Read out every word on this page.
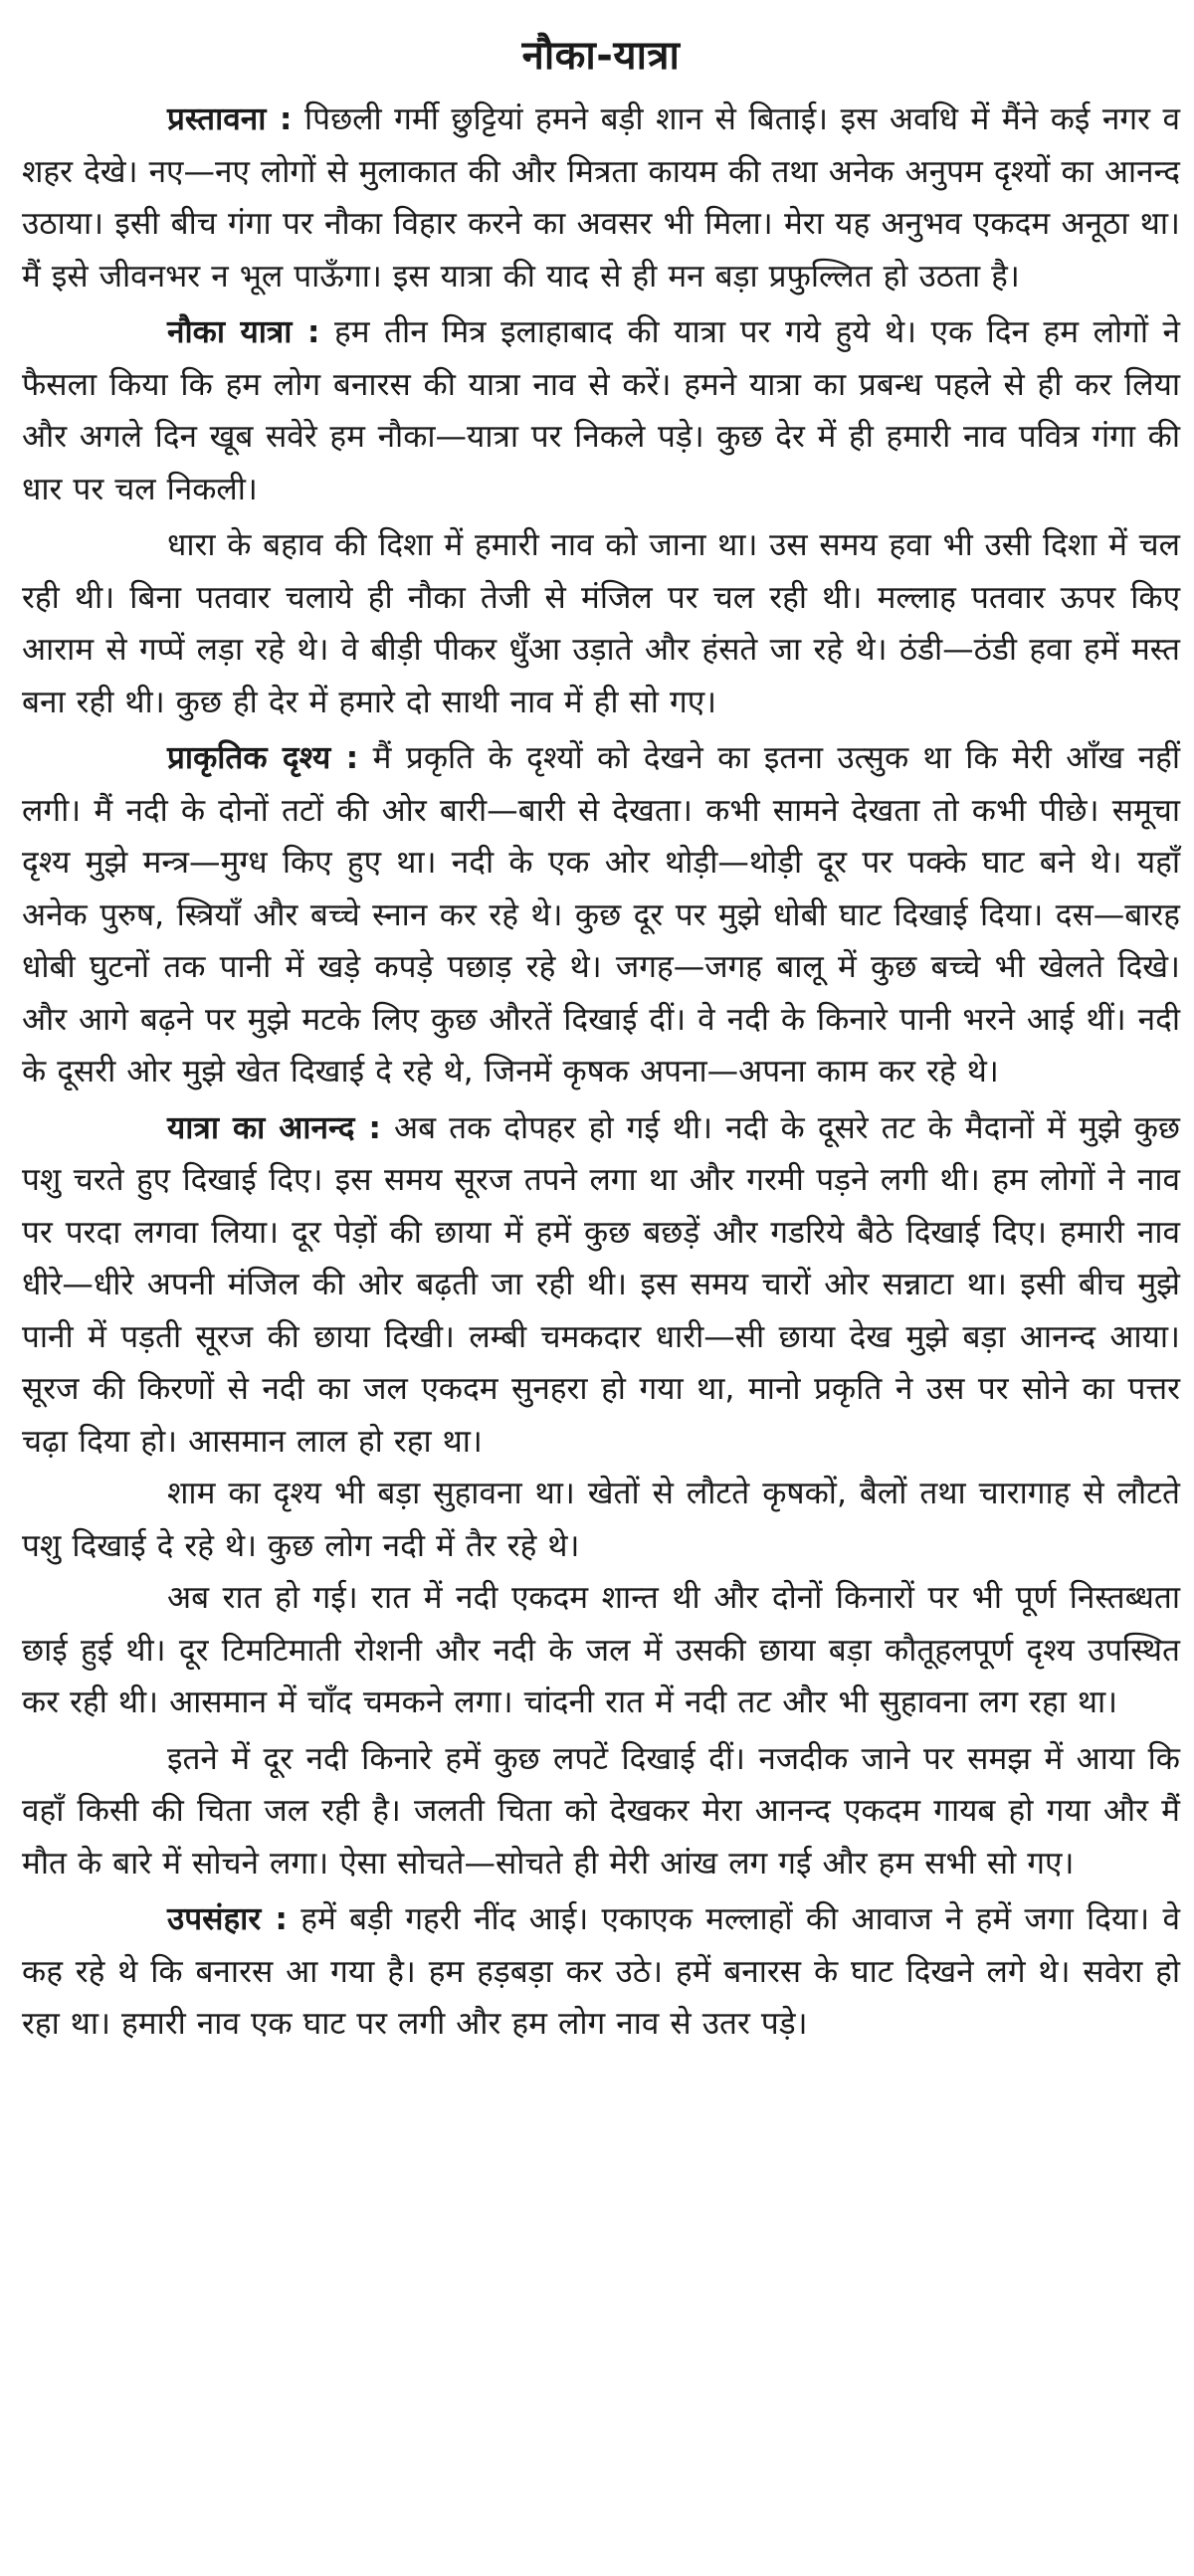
नौका-यात्रा

प्रस्तावना : पिछली गर्मी छुट्टियां हमने बड़ी शान से बिताई। इस अवधि में मैंने कई नगर व शहर देखे। नए—नए लोगों से मुलाकात की और मित्रता कायम की तथा अनेक अनुपम दृश्यों का आनन्द उठाया। इसी बीच गंगा पर नौका विहार करने का अवसर भी मिला। मेरा यह अनुभव एकदम अनूठा था। मैं इसे जीवनभर न भूल पाऊँगा। इस यात्रा की याद से ही मन बड़ा प्रफुल्लित हो उठता है।

नौका यात्रा : हम तीन मित्र इलाहाबाद की यात्रा पर गये हुये थे। एक दिन हम लोगों ने फैसला किया कि हम लोग बनारस की यात्रा नाव से करें। हमने यात्रा का प्रबन्ध पहले से ही कर लिया और अगले दिन खूब सवेरे हम नौका—यात्रा पर निकले पड़े। कुछ देर में ही हमारी नाव पवित्र गंगा की धार पर चल निकली।

धारा के बहाव की दिशा में हमारी नाव को जाना था। उस समय हवा भी उसी दिशा में चल रही थी। बिना पतवार चलाये ही नौका तेजी से मंजिल पर चल रही थी। मल्लाह पतवार ऊपर किए आराम से गप्पें लड़ा रहे थे। वे बीड़ी पीकर धुँआ उड़ाते और हंसते जा रहे थे। ठंडी—ठंडी हवा हमें मस्त बना रही थी। कुछ ही देर में हमारे दो साथी नाव में ही सो गए।

प्राकृतिक दृश्य : मैं प्रकृति के दृश्यों को देखने का इतना उत्सुक था कि मेरी आँख नहीं लगी। मैं नदी के दोनों तटों की ओर बारी—बारी से देखता। कभी सामने देखता तो कभी पीछे। समूचा दृश्य मुझे मन्त्र—मुग्ध किए हुए था। नदी के एक ओर थोड़ी—थोड़ी दूर पर पक्के घाट बने थे। यहाँ अनेक पुरुष, स्त्रियाँ और बच्चे स्नान कर रहे थे। कुछ दूर पर मुझे धोबी घाट दिखाई दिया। दस—बारह धोबी घुटनों तक पानी में खड़े कपड़े पछाड़ रहे थे। जगह—जगह बालू में कुछ बच्चे भी खेलते दिखे। और आगे बढ़ने पर मुझे मटके लिए कुछ औरतें दिखाई दीं। वे नदी के किनारे पानी भरने आई थीं। नदी के दूसरी ओर मुझे खेत दिखाई दे रहे थे, जिनमें कृषक अपना—अपना काम कर रहे थे।

यात्रा का आनन्द : अब तक दोपहर हो गई थी। नदी के दूसरे तट के मैदानों में मुझे कुछ पशु चरते हुए दिखाई दिए। इस समय सूरज तपने लगा था और गरमी पड़ने लगी थी। हम लोगों ने नाव पर परदा लगवा लिया। दूर पेड़ों की छाया में हमें कुछ बछड़ें और गडरिये बैठे दिखाई दिए। हमारी नाव धीरे—धीरे अपनी मंजिल की ओर बढ़ती जा रही थी। इस समय चारों ओर सन्नाटा था। इसी बीच मुझे पानी में पड़ती सूरज की छाया दिखी। लम्बी चमकदार धारी—सी छाया देख मुझे बड़ा आनन्द आया। सूरज की किरणों से नदी का जल एकदम सुनहरा हो गया था, मानो प्रकृति ने उस पर सोने का पत्तर चढ़ा दिया हो। आसमान लाल हो रहा था।

शाम का दृश्य भी बड़ा सुहावना था। खेतों से लौटते कृषकों, बैलों तथा चारागाह से लौटते पशु दिखाई दे रहे थे। कुछ लोग नदी में तैर रहे थे।

अब रात हो गई। रात में नदी एकदम शान्त थी और दोनों किनारों पर भी पूर्ण निस्तब्धता छाई हुई थी। दूर टिमटिमाती रोशनी और नदी के जल में उसकी छाया बड़ा कौतूहलपूर्ण दृश्य उपस्थित कर रही थी। आसमान में चाँद चमकने लगा। चांदनी रात में नदी तट और भी सुहावना लग रहा था।

इतने में दूर नदी किनारे हमें कुछ लपटें दिखाई दीं। नजदीक जाने पर समझ में आया कि वहाँ किसी की चिता जल रही है। जलती चिता को देखकर मेरा आनन्द एकदम गायब हो गया और मैं मौत के बारे में सोचने लगा। ऐसा सोचते—सोचते ही मेरी आंख लग गई और हम सभी सो गए।

उपसंहार : हमें बड़ी गहरी नींद आई। एकाएक मल्लाहों की आवाज ने हमें जगा दिया। वे कह रहे थे कि बनारस आ गया है। हम हड़बड़ा कर उठे। हमें बनारस के घाट दिखने लगे थे। सवेरा हो रहा था। हमारी नाव एक घाट पर लगी और हम लोग नाव से उतर पड़े।
